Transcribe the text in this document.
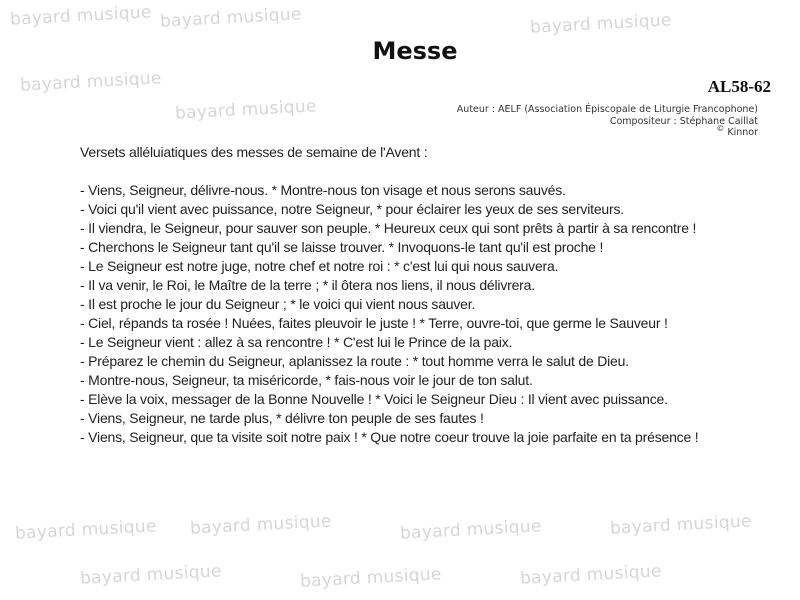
bayard musique bayard musique
bayard musique
bayard musique
bayard musique
bayard musique bayard musique	bayard musique	bayard musique
bayard musique	bayard musique	bayard musique
Messe
AL58-62
Auteur : AELF (Association Épiscopale de Liturgie Francophone)
Compositeur : Stéphane Caillat
© Kinnor
Versets alléluiatiques des messes de semaine de l'Avent :
- Viens, Seigneur, délivre-nous. * Montre-nous ton visage et nous serons sauvés.
- Voici qu'il vient avec puissance, notre Seigneur, * pour éclairer les yeux de ses serviteurs.
- Il viendra, le Seigneur, pour sauver son peuple. * Heureux ceux qui sont prêts à partir à sa rencontre !
- Cherchons le Seigneur tant qu'il se laisse trouver. * Invoquons-le tant qu'il est proche !
- Le Seigneur est notre juge, notre chef et notre roi : * c'est lui qui nous sauvera.
- Il va venir, le Roi, le Maître de la terre ; * il ôtera nos liens, il nous délivrera.
- Il est proche le jour du Seigneur ; * le voici qui vient nous sauver.
- Ciel, répands ta rosée ! Nuées, faites pleuvoir le juste ! * Terre, ouvre-toi, que germe le Sauveur !
- Le Seigneur vient : allez à sa rencontre ! * C'est lui le Prince de la paix.
- Préparez le chemin du Seigneur, aplanissez la route : * tout homme verra le salut de Dieu.
- Montre-nous, Seigneur, ta miséricorde, * fais-nous voir le jour de ton salut.
- Elève la voix, messager de la Bonne Nouvelle ! * Voici le Seigneur Dieu : Il vient avec puissance.
- Viens, Seigneur, ne tarde plus, * délivre ton peuple de ses fautes !
- Viens, Seigneur, que ta visite soit notre paix ! * Que notre coeur trouve la joie parfaite en ta présence !
